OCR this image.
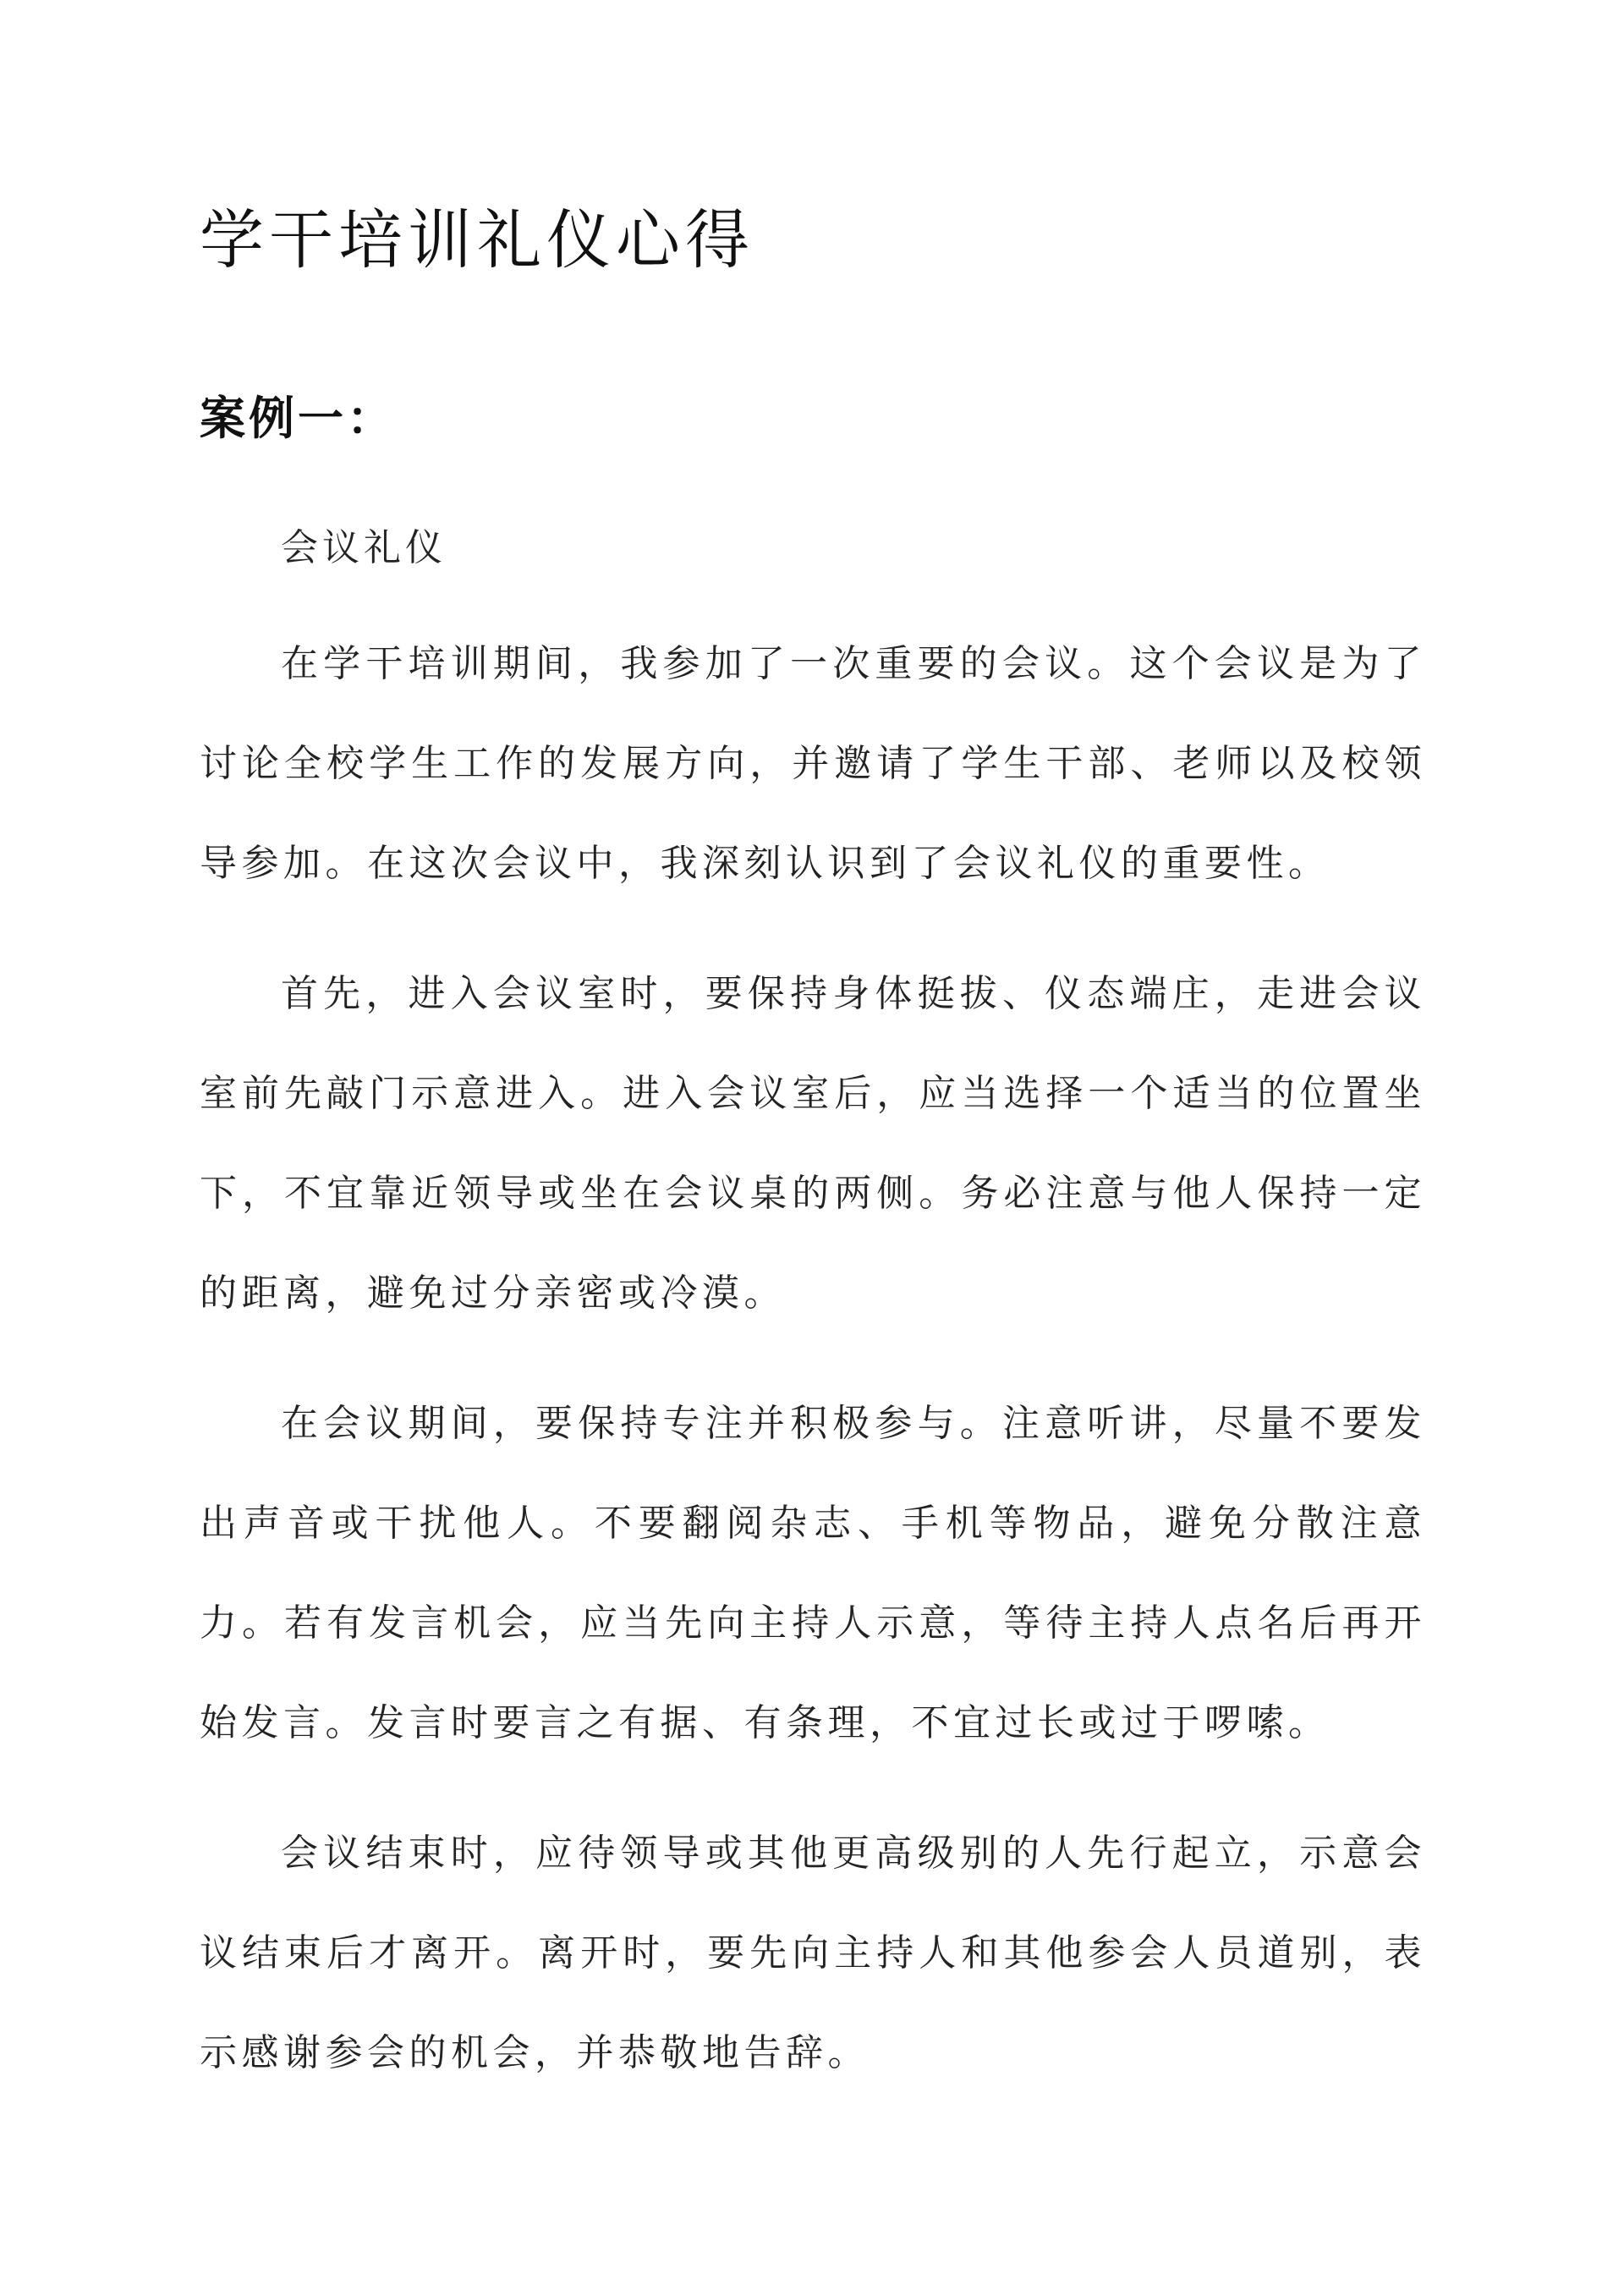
学干培训礼仪心得
案例一：

会议礼仪

在学干培训期间，我参加了一次重要的会议。这个会议是为了讨论全校学生工作的发展方向，并邀请了学生干部、老师以及校领导参加。在这次会议中，我深刻认识到了会议礼仪的重要性。

首先，进入会议室时，要保持身体挺拔、仪态端庄，走进会议室前先敲门示意进入。进入会议室后，应当选择一个适当的位置坐下，不宜靠近领导或坐在会议桌的两侧。务必注意与他人保持一定的距离，避免过分亲密或冷漠。

在会议期间，要保持专注并积极参与。注意听讲，尽量不要发出声音或干扰他人。不要翻阅杂志、手机等物品，避免分散注意力。若有发言机会，应当先向主持人示意，等待主持人点名后再开始发言。发言时要言之有据、有条理，不宜过长或过于啰嗦。

会议结束时，应待领导或其他更高级别的人先行起立，示意会议结束后才离开。离开时，要先向主持人和其他参会人员道别，表示感谢参会的机会，并恭敬地告辞。
